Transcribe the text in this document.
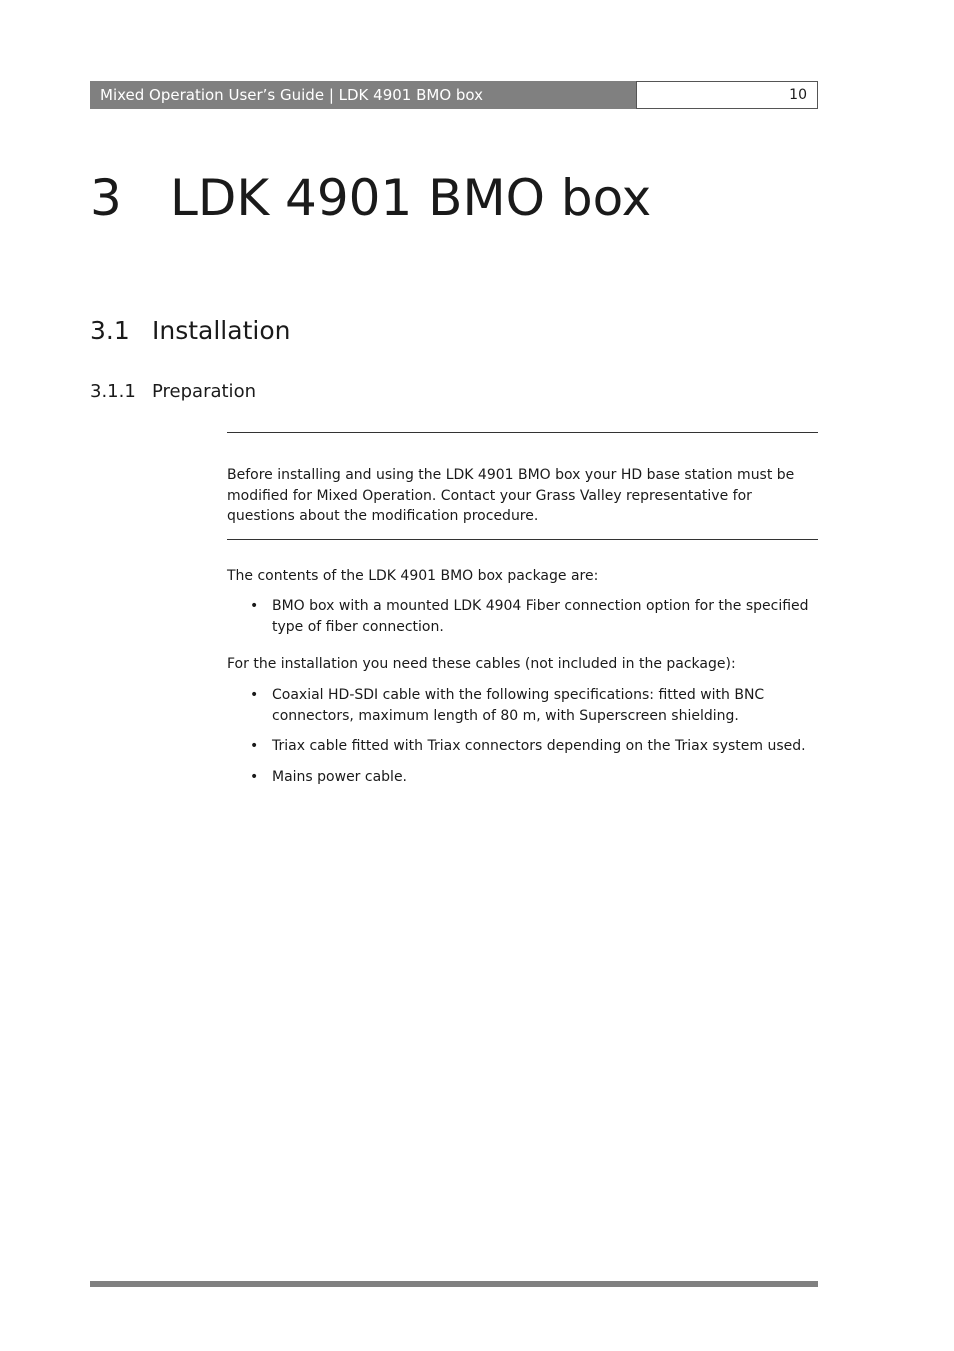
Mixed Operation User’s Guide | LDK 4901 BMO box	10
3 LDK 4901 BMO box
3.1 Installation
3.1.1 Preparation
Before installing and using the LDK 4901 BMO box your HD base station must be modified for Mixed Operation. Contact your Grass Valley representative for questions about the modification procedure.
The contents of the LDK 4901 BMO box package are:
• BMO box with a mounted LDK 4904 Fiber connection option for the specified type of fiber connection.
For the installation you need these cables (not included in the package):
• Coaxial HD-SDI cable with the following specifications: fitted with BNC connectors, maximum length of 80 m, with Superscreen shielding.
• Triax cable fitted with Triax connectors depending on the Triax system used.
• Mains power cable.
